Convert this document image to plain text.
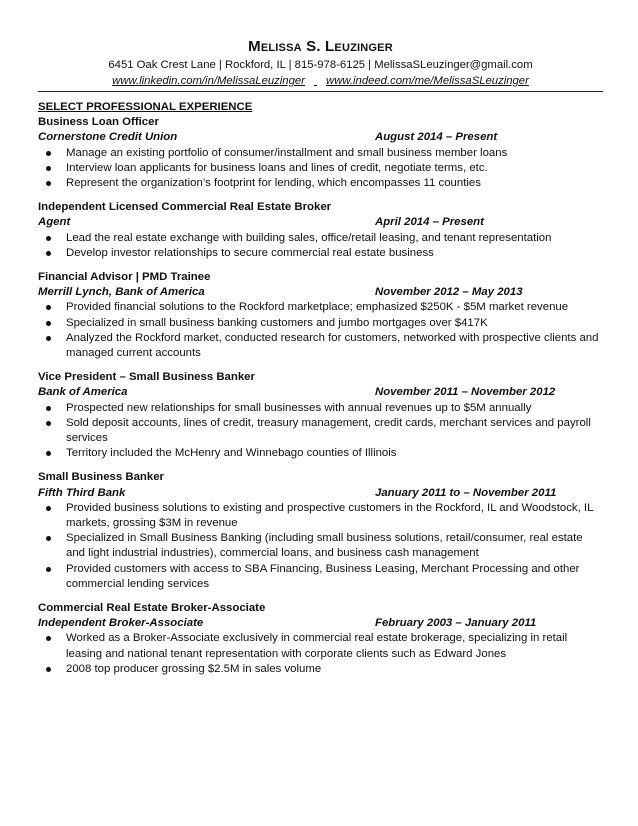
Melissa S. Leuzinger
6451 Oak Crest Lane | Rockford, IL | 815-978-6125 | MelissaSLeuzinger@gmail.com
www.linkedin.com/in/MelissaLeuzinger www.indeed.com/me/MelissaSLeuzinger
SELECT PROFESSIONAL EXPERIENCE
Business Loan Officer
Cornerstone Credit Union	August 2014 – Present
Manage an existing portfolio of consumer/installment and small business member loans
Interview loan applicants for business loans and lines of credit, negotiate terms, etc.
Represent the organization’s footprint for lending, which encompasses 11 counties
Independent Licensed Commercial Real Estate Broker
Agent	April 2014 – Present
Lead the real estate exchange with building sales, office/retail leasing, and tenant representation
Develop investor relationships to secure commercial real estate business
Financial Advisor | PMD Trainee
Merrill Lynch, Bank of America	November 2012 – May 2013
Provided financial solutions to the Rockford marketplace; emphasized $250K - $5M market revenue
Specialized in small business banking customers and jumbo mortgages over $417K
Analyzed the Rockford market, conducted research for customers, networked with prospective clients and managed current accounts
Vice President – Small Business Banker
Bank of America	November 2011 – November 2012
Prospected new relationships for small businesses with annual revenues up to $5M annually
Sold deposit accounts, lines of credit, treasury management, credit cards, merchant services and payroll services
Territory included the McHenry and Winnebago counties of Illinois
Small Business Banker
Fifth Third Bank	January 2011 to – November 2011
Provided business solutions to existing and prospective customers in the Rockford, IL and Woodstock, IL markets, grossing $3M in revenue
Specialized in Small Business Banking (including small business solutions, retail/consumer, real estate and light industrial industries), commercial loans, and business cash management
Provided customers with access to SBA Financing, Business Leasing, Merchant Processing and other commercial lending services
Commercial Real Estate Broker-Associate
Independent Broker-Associate	February 2003 – January 2011
Worked as a Broker-Associate exclusively in commercial real estate brokerage, specializing in retail leasing and national tenant representation with corporate clients such as Edward Jones
2008 top producer grossing $2.5M in sales volume
